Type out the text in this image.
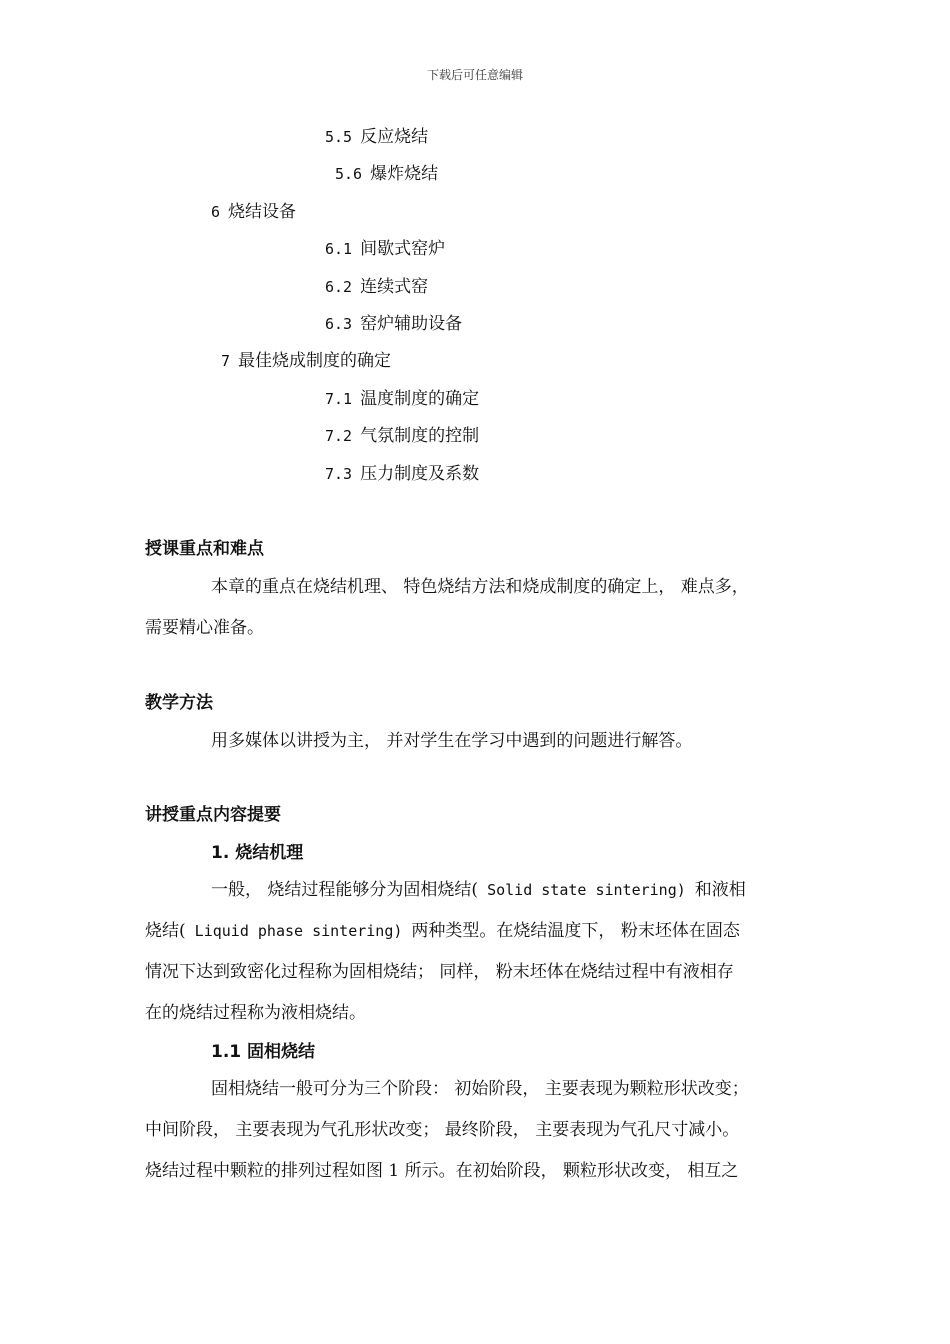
下载后可任意编辑
5.5 反应烧结
5.6 爆炸烧结
6 烧结设备
6.1 间歇式窑炉
6.2 连续式窑
6.3 窑炉辅助设备
7 最佳烧成制度的确定
7.1 温度制度的确定
7.2 气氛制度的控制
7.3 压力制度及系数
授课重点和难点
本章的重点在烧结机理、 特色烧结方法和烧成制度的确定上， 难点多，
需要精心准备。
教学方法
用多媒体以讲授为主， 并对学生在学习中遇到的问题进行解答。
讲授重点内容提要
1. 烧结机理
一般， 烧结过程能够分为固相烧结( Solid state sintering) 和液相
烧结( Liquid phase sintering) 两种类型。在烧结温度下， 粉末坯体在固态
情况下达到致密化过程称为固相烧结； 同样， 粉末坯体在烧结过程中有液相存
在的烧结过程称为液相烧结。
1.1 固相烧结
固相烧结一般可分为三个阶段： 初始阶段， 主要表现为颗粒形状改变；
中间阶段， 主要表现为气孔形状改变； 最终阶段， 主要表现为气孔尺寸减小。
烧结过程中颗粒的排列过程如图 1 所示。在初始阶段， 颗粒形状改变， 相互之
